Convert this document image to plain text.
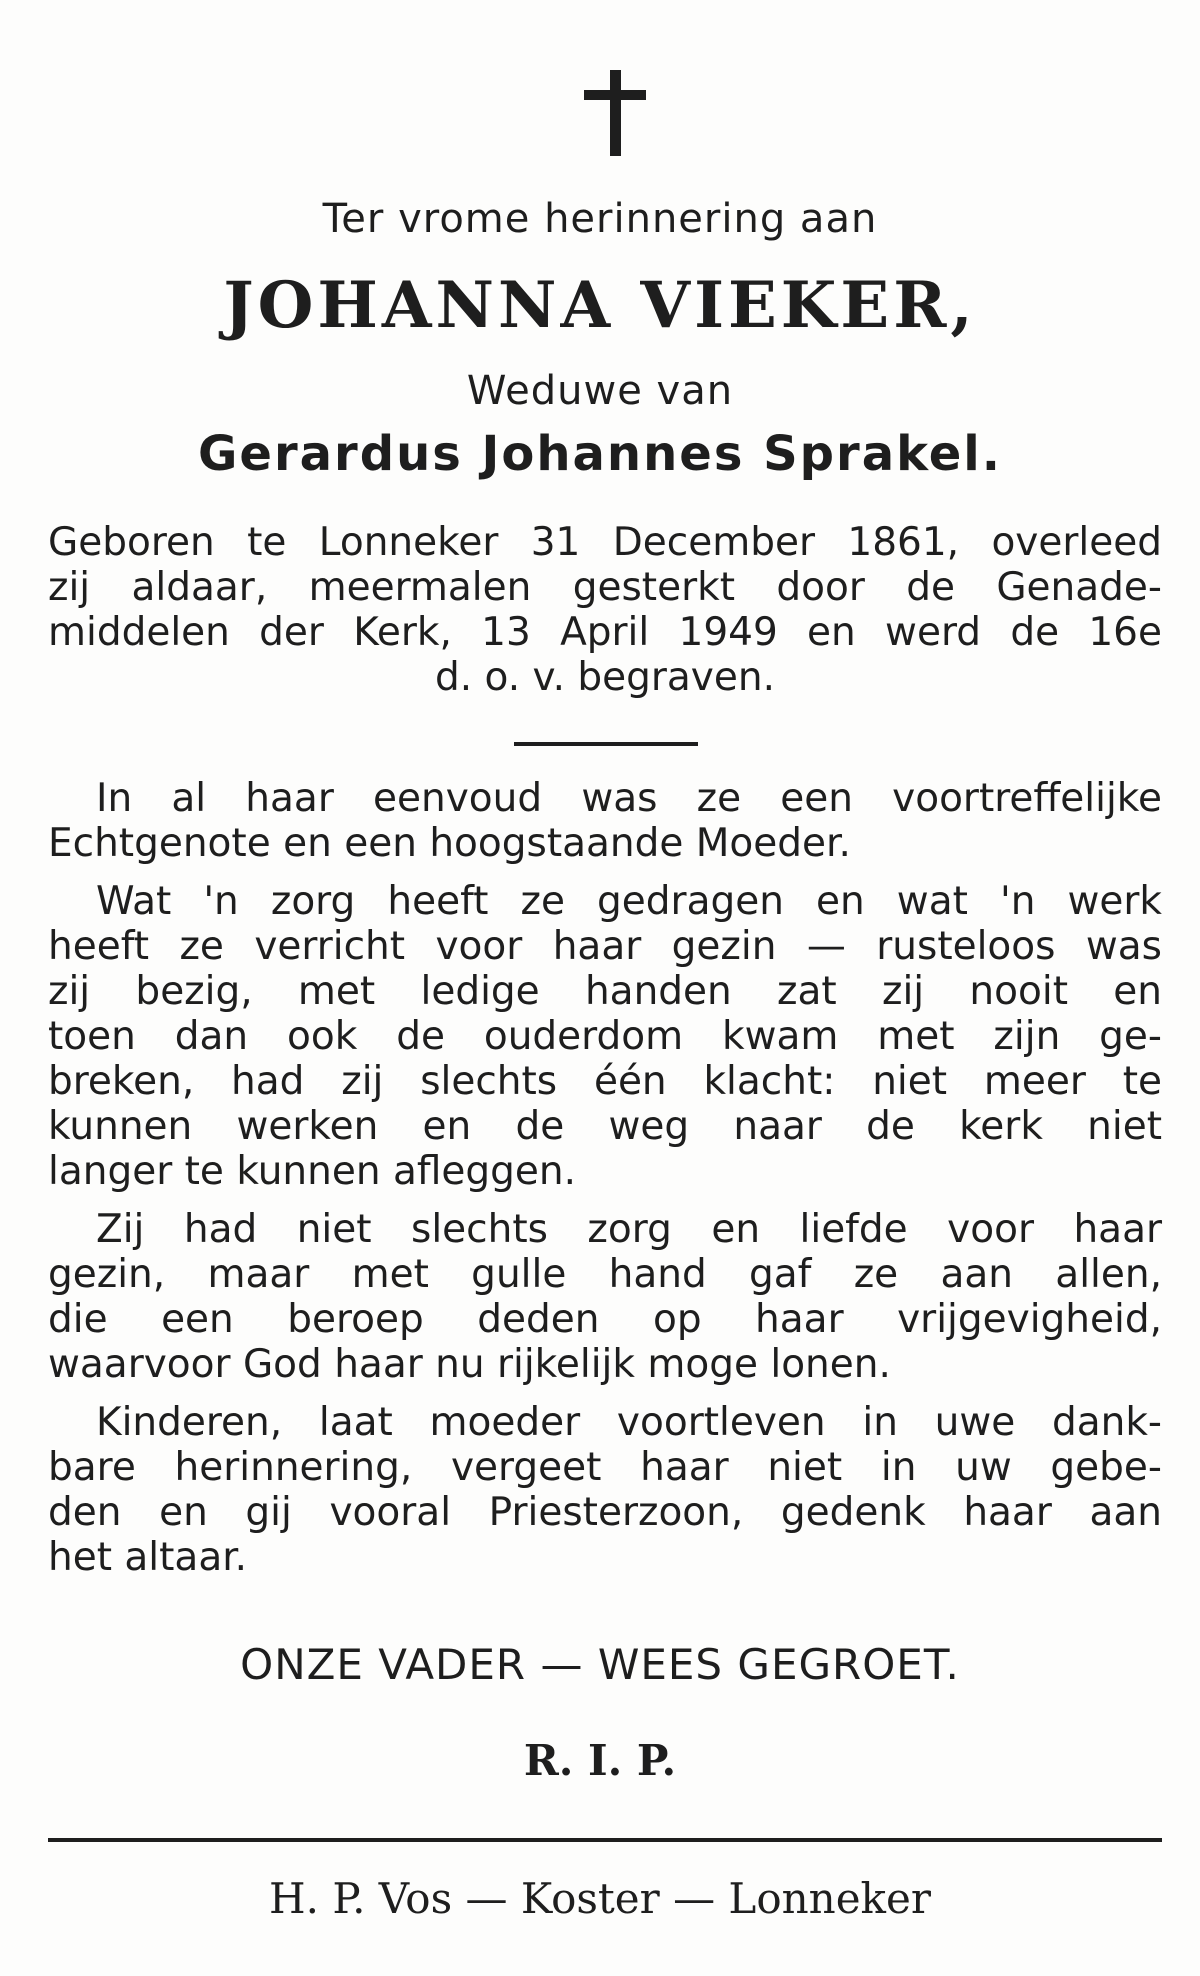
Ter vrome herinnering aan
JOHANNA VIEKER,
Weduwe van
Gerardus Johannes Sprakel.
Geboren te Lonneker 31 December 1861, overleed
zij aldaar, meermalen gesterkt door de Genade-
middelen der Kerk, 13 April 1949 en werd de 16e
d. o. v. begraven.
In al haar eenvoud was ze een voortreffelijke
Echtgenote en een hoogstaande Moeder.
Wat 'n zorg heeft ze gedragen en wat 'n werk
heeft ze verricht voor haar gezin — rusteloos was
zij bezig, met ledige handen zat zij nooit en
toen dan ook de ouderdom kwam met zijn ge-
breken, had zij slechts één klacht: niet meer te
kunnen werken en de weg naar de kerk niet
langer te kunnen afleggen.
Zij had niet slechts zorg en liefde voor haar
gezin, maar met gulle hand gaf ze aan allen,
die een beroep deden op haar vrijgevigheid,
waarvoor God haar nu rijkelijk moge lonen.
Kinderen, laat moeder voortleven in uwe dank-
bare herinnering, vergeet haar niet in uw gebe-
den en gij vooral Priesterzoon, gedenk haar aan
het altaar.
ONZE VADER — WEES GEGROET.
R. I. P.
H. P. Vos — Koster — Lonneker
